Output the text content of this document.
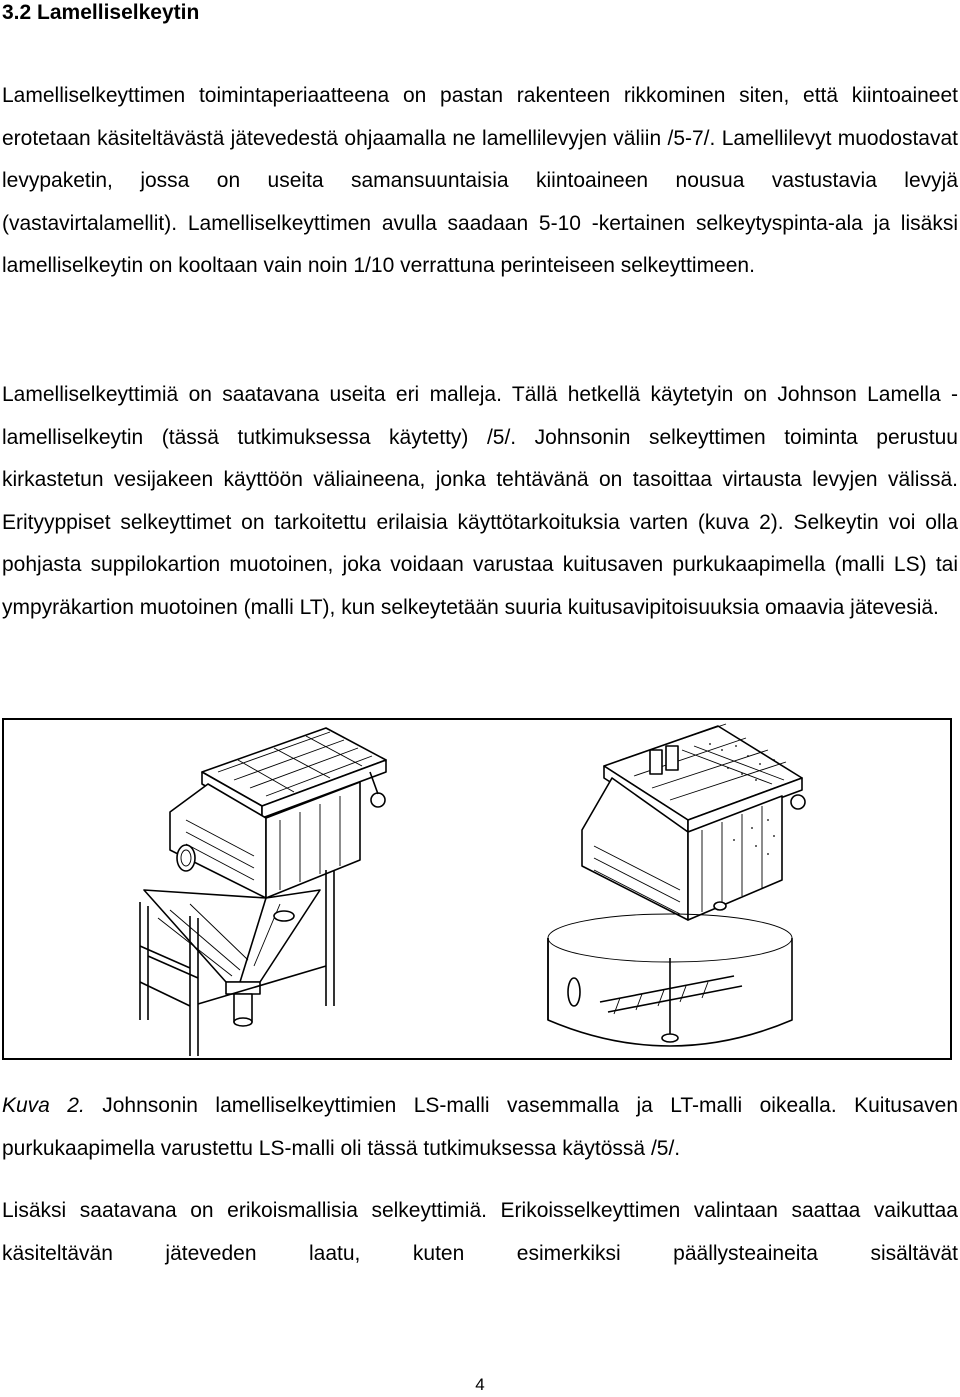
3.2 Lamelliselkeytin

Lamelliselkeyttimen toimintaperiaatteena on pastan rakenteen rikkominen siten, että kiintoaineet erotetaan käsiteltävästä jätevedestä ohjaamalla ne lamellilevyjen väliin /5-7/. Lamellilevyt muodostavat levypaketin, jossa on useita samansuuntaisia kiintoaineen nousua vastustavia levyjä (vastavirtalamellit). Lamelliselkeyttimen avulla saadaan 5-10 -kertainen selkeytyspinta-ala ja lisäksi lamelliselkeytin on kooltaan vain noin 1/10 verrattuna perinteiseen selkeyttimeen.

Lamelliselkeyttimiä on saatavana useita eri malleja. Tällä hetkellä käytetyin on Johnson Lamella -lamelliselkeytin (tässä tutkimuksessa käytetty) /5/. Johnsonin selkeyttimen toiminta perustuu kirkastetun vesijakeen käyttöön väliaineena, jonka tehtävänä on tasoittaa virtausta levyjen välissä. Erityyppiset selkeyttimet on tarkoitettu erilaisia käyttötarkoituksia varten (kuva 2). Selkeytin voi olla pohjasta suppilokartion muotoinen, joka voidaan varustaa kuitusaven purkukaapimella (malli LS) tai ympyräkartion muotoinen (malli LT), kun selkeytetään suuria kuitusavipitoisuuksia omaavia jätevesiä.

Kuva 2. Johnsonin lamelliselkeyttimien LS-malli vasemmalla ja LT-malli oikealla. Kuitusaven purkukaapimella varustettu LS-malli oli tässä tutkimuksessa käytössä /5/.

Lisäksi saatavana on erikoismallisia selkeyttimiä. Erikoisselkeyttimen valintaan saattaa vaikuttaa käsiteltävän jäteveden laatu, kuten esimerkiksi päällysteaineita sisältävät

4
